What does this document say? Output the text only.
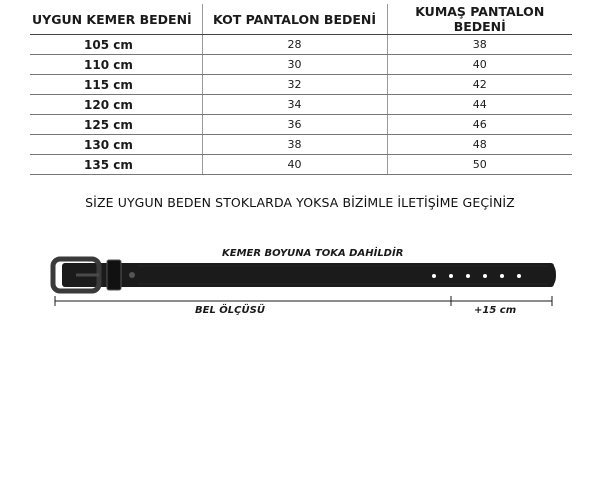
UYGUN KEMER BEDENİ	KOT PANTALON BEDENİ	KUMAŞ PANTALON BEDENİ
105 cm	28	38
110 cm	30	40
115 cm	32	42
120 cm	34	44
125 cm	36	46
130 cm	38	48
135 cm	40	50
SİZE UYGUN BEDEN STOKLARDA YOKSA BİZİMLE İLETİŞİME GEÇİNİZ
KEMER BOYUNA TOKA DAHİLDİR
BEL ÖLÇÜSÜ	+15 cm
